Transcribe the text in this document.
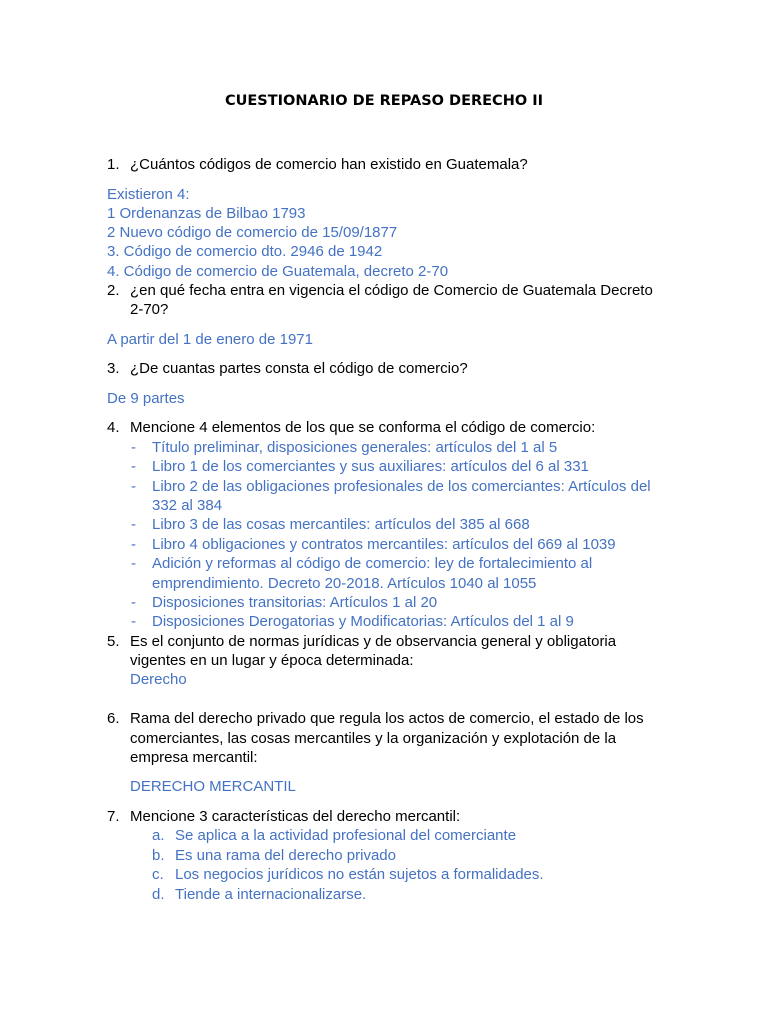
CUESTIONARIO DE REPASO DERECHO II
1. ¿Cuántos códigos de comercio han existido en Guatemala?
Existieron 4:
1 Ordenanzas de Bilbao 1793
2 Nuevo código de comercio de 15/09/1877
3. Código de comercio dto. 2946 de 1942
4. Código de comercio de Guatemala, decreto 2-70
2. ¿en qué fecha entra en vigencia el código de Comercio de Guatemala Decreto
2-70?
A partir del 1 de enero de 1971
3. ¿De cuantas partes consta el código de comercio?
De 9 partes
4. Mencione 4 elementos de los que se conforma el código de comercio:
- Título preliminar, disposiciones generales: artículos del 1 al 5
- Libro 1 de los comerciantes y sus auxiliares: artículos del 6 al 331
- Libro 2 de las obligaciones profesionales de los comerciantes: Artículos del
332 al 384
- Libro 3 de las cosas mercantiles: artículos del 385 al 668
- Libro 4 obligaciones y contratos mercantiles: artículos del 669 al 1039
- Adición y reformas al código de comercio: ley de fortalecimiento al
emprendimiento. Decreto 20-2018. Artículos 1040 al 1055
- Disposiciones transitorias: Artículos 1 al 20
- Disposiciones Derogatorias y Modificatorias: Artículos del 1 al 9
5. Es el conjunto de normas jurídicas y de observancia general y obligatoria
vigentes en un lugar y época determinada:
Derecho
6. Rama del derecho privado que regula los actos de comercio, el estado de los
comerciantes, las cosas mercantiles y la organización y explotación de la
empresa mercantil:
DERECHO MERCANTIL
7. Mencione 3 características del derecho mercantil:
a. Se aplica a la actividad profesional del comerciante
b. Es una rama del derecho privado
c. Los negocios jurídicos no están sujetos a formalidades.
d. Tiende a internacionalizarse.
